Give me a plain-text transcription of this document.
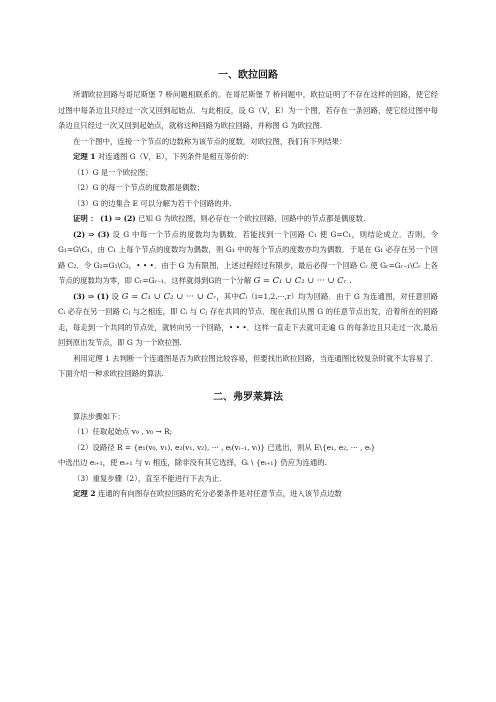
一、欧拉回路

所谓欧拉回路与哥尼斯堡 7 桥问题相联系的。在哥尼斯堡 7 桥问题中，欧拉证明了不存在这样的回路，使它经过图中每条边且只经过一次又回到起始点．与此相反，设 G（V，E）为一个图，若存在一条回路，使它经过图中每条边且只经过一次又回到起始点，就称这种回路为欧拉回路，并称图 G 为欧拉图.

在一个图中，连接一个节点的边数称为该节点的度数．对欧拉图，我们有下列结果：

定理 1 对连通图 G（V，E），下列条件是相互等价的：

（1）G 是一个欧拉图；

（2）G 的每一个节点的度数都是偶数；

（3）G 的边集合 E 可以分解为若干个回路的并.

证明 ： (1) ⇒ (2) 已知 G 为欧拉图，则必存在一个欧拉回路．回路中的节点都是偶度数.

(2) ⇒ (3) 设 G 中每一个节点的度数均为偶数．若能找到一个回路 C₁ 使 G=C₁，则结论成立．否则，令 G₁=G\C₁，由 C₁ 上每个节点的度数均为偶数，则 G₁ 中的每个节点的度数亦均为偶数．于是在 G₁ 必存在另一个回路 C₂．令 G₂=G₁\C₂，• • •．由于 G 为有限图，上述过程经过有限步，最后必得一个回路 Cᵣ 使 Gᵣ=Gᵣ₋₁\Cᵣ 上各节点的度数均为零，即 Cᵣ=Gᵣ₋₁．这样就得到G的一个分解 G = C₁ ∪ C₂ ∪ ··· ∪ Cᵣ .

(3) ⇒ (1) 设 G = C₁ ∪ C₂ ∪ ··· ∪ Cᵣ，其中Cᵢ（i=1,2,···,r）均为回路．由于 G 为连通图，对任意回路 Cᵢ 必存在另一回路 Cⱼ 与之相连，即 Cᵢ 与 Cⱼ 存在共同的节点．现在我们从图 G 的任意节点出发，沿着所在的回路走，每走到一个共同的节点处，就转向另一个回路，• • •．这样一直走下去就可走遍 G 的每条边且只走过一次,最后回到原出发节点，即 G 为一个欧拉图.

利用定理 1 去判断一个连通图是否为欧拉图比较容易，但要找出欧拉回路，当连通图比较复杂时就不太容易了．下面介绍一种求欧拉回路的算法.

二、弗罗莱算法

算法步骤如下：

（1）任取起始点 v₀ , v₀ → R;

（2）设路径 R = {e₁(v₀, v₁), e₂(v₁, v₂), ··· , eᵢ(vᵢ₋₁, vᵢ)} 已选出，则从 E\{e₁, e₂, ··· , eᵢ}

中选出边 eᵢ₊₁，使 eᵢ₊₁ 与 vᵢ 相连，除非没有其它选择，Gᵢ \ {eᵢ₊₁} 仍应为连通的.

（3）重复步骤（2），直至不能进行下去为止.

定理 2 连通的有向图存在欧拉回路的充分必要条件是对任意节点，进入该节点边数
